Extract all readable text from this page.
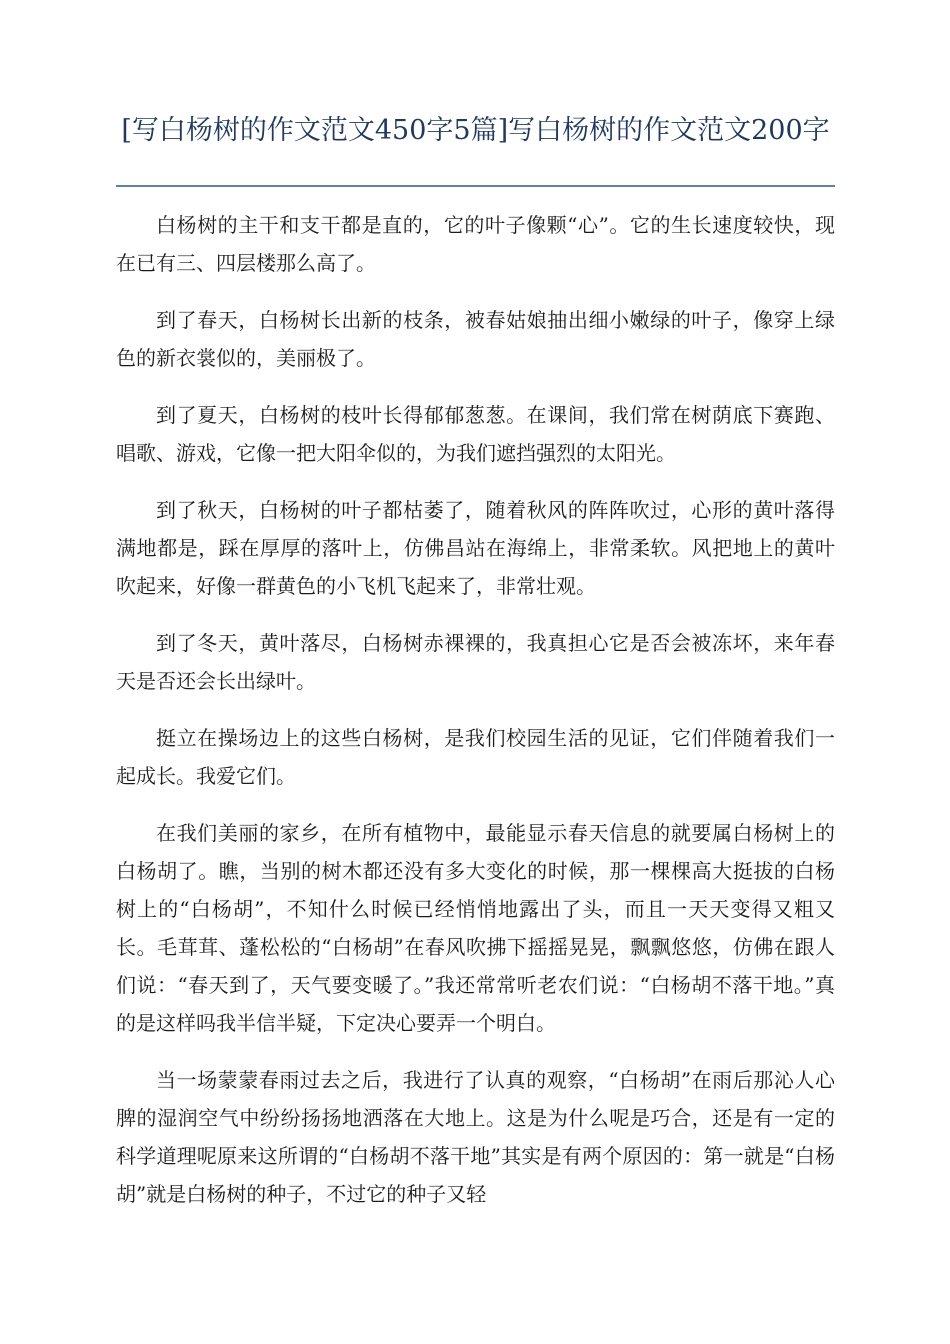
[写白杨树的作文范文450字5篇]写白杨树的作文范文200字

白杨树的主干和支干都是直的，它的叶子像颗“心”。它的生长速度较快，现在已有三、四层楼那么高了。

到了春天，白杨树长出新的枝条，被春姑娘抽出细小嫩绿的叶子，像穿上绿色的新衣裳似的，美丽极了。

到了夏天，白杨树的枝叶长得郁郁葱葱。在课间，我们常在树荫底下赛跑、唱歌、游戏，它像一把大阳伞似的，为我们遮挡强烈的太阳光。

到了秋天，白杨树的叶子都枯萎了，随着秋风的阵阵吹过，心形的黄叶落得满地都是，踩在厚厚的落叶上，仿佛昌站在海绵上，非常柔软。风把地上的黄叶吹起来，好像一群黄色的小飞机飞起来了，非常壮观。

到了冬天，黄叶落尽，白杨树赤裸裸的，我真担心它是否会被冻坏，来年春天是否还会长出绿叶。

挺立在操场边上的这些白杨树，是我们校园生活的见证，它们伴随着我们一起成长。我爱它们。

在我们美丽的家乡，在所有植物中，最能显示春天信息的就要属白杨树上的白杨胡了。瞧，当别的树木都还没有多大变化的时候，那一棵棵高大挺拔的白杨树上的“白杨胡”，不知什么时候已经悄悄地露出了头，而且一天天变得又粗又长。毛茸茸、蓬松松的“白杨胡”在春风吹拂下摇摇晃晃，飘飘悠悠，仿佛在跟人们说：“春天到了，天气要变暖了。”我还常常听老农们说：“白杨胡不落干地。”真的是这样吗我半信半疑，下定决心要弄一个明白。

当一场蒙蒙春雨过去之后，我进行了认真的观察，“白杨胡”在雨后那沁人心脾的湿润空气中纷纷扬扬地洒落在大地上。这是为什么呢是巧合，还是有一定的科学道理呢原来这所谓的“白杨胡不落干地”其实是有两个原因的：第一就是“白杨胡”就是白杨树的种子，不过它的种子又轻
